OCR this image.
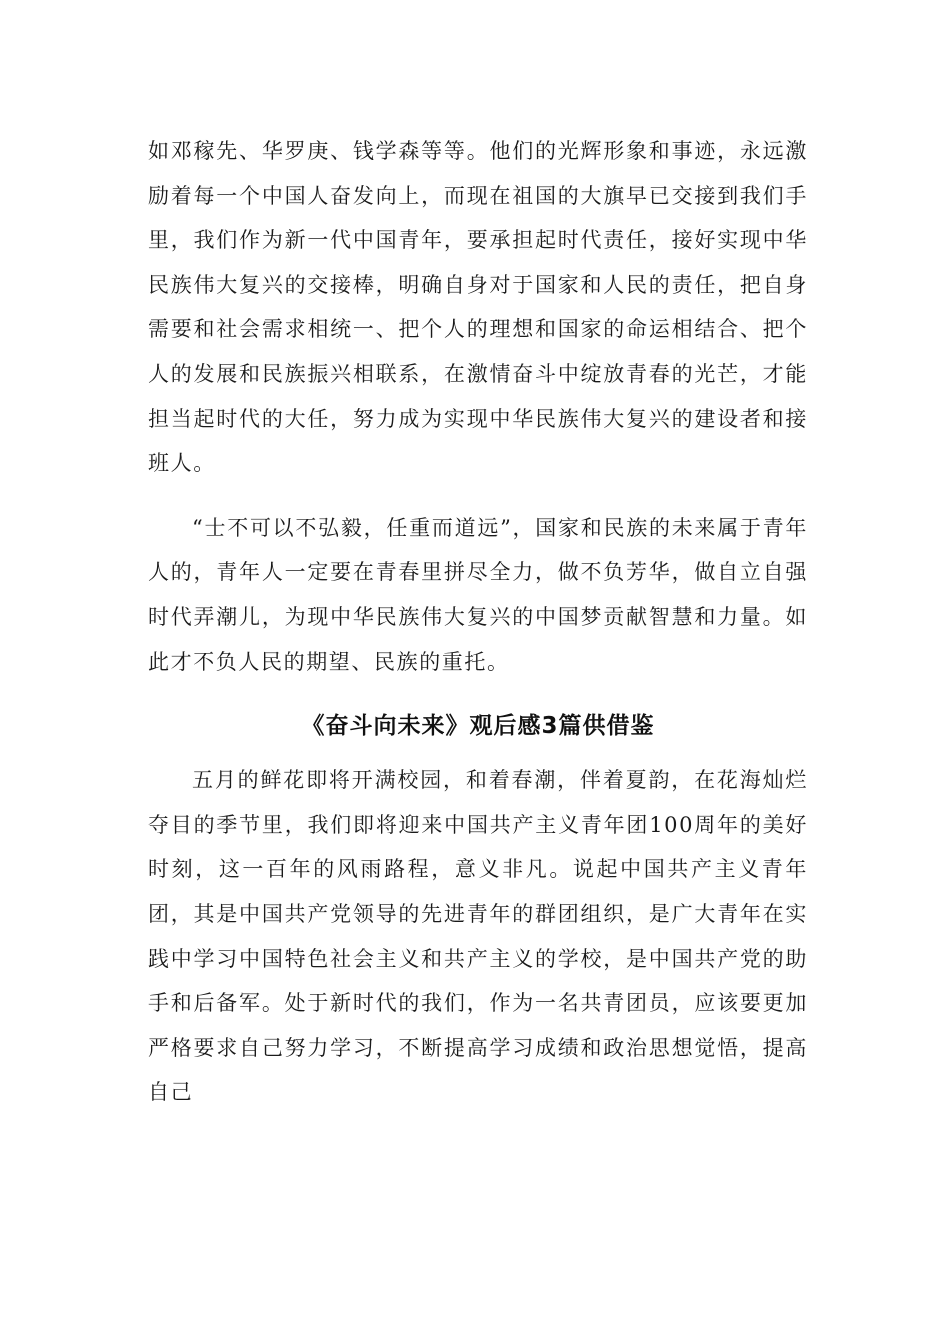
如邓稼先、华罗庚、钱学森等等。他们的光辉形象和事迹，永远激励着每一个中国人奋发向上，而现在祖国的大旗早已交接到我们手里，我们作为新一代中国青年，要承担起时代责任，接好实现中华民族伟大复兴的交接棒，明确自身对于国家和人民的责任，把自身需要和社会需求相统一、把个人的理想和国家的命运相结合、把个人的发展和民族振兴相联系，在激情奋斗中绽放青春的光芒，才能担当起时代的大任，努力成为实现中华民族伟大复兴的建设者和接班人。

“士不可以不弘毅，任重而道远”，国家和民族的未来属于青年人的，青年人一定要在青春里拼尽全力，做不负芳华，做自立自强时代弄潮儿，为现中华民族伟大复兴的中国梦贡献智慧和力量。如此才不负人民的期望、民族的重托。

《奋斗向未来》观后感3篇供借鉴

五月的鲜花即将开满校园，和着春潮，伴着夏韵，在花海灿烂夺目的季节里，我们即将迎来中国共产主义青年团100周年的美好时刻，这一百年的风雨路程，意义非凡。说起中国共产主义青年团，其是中国共产党领导的先进青年的群团组织，是广大青年在实践中学习中国特色社会主义和共产主义的学校，是中国共产党的助手和后备军。处于新时代的我们，作为一名共青团员，应该要更加严格要求自己努力学习，不断提高学习成绩和政治思想觉悟，提高自己
